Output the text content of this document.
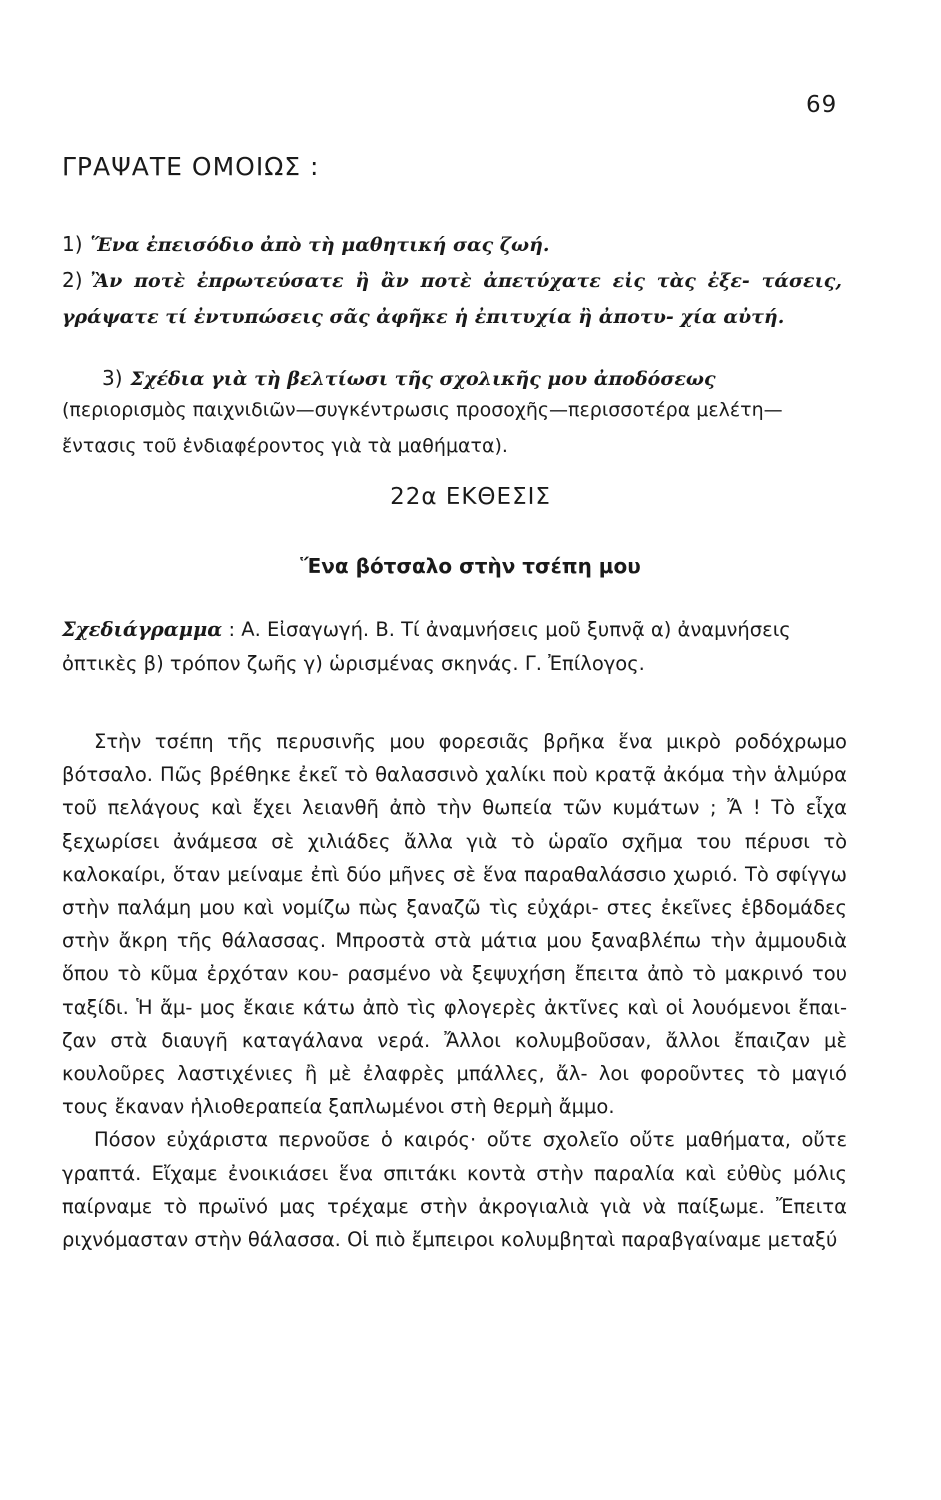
69
ΓΡΑΨΑΤΕ ΟΜΟΙΩΣ :
1) Ἕνα ἐπεισόδιο ἀπὸ τὴ μαθητική σας ζωή.
2) Ἂν ποτὲ ἐπρωτεύσατε ἢ ἂν ποτὲ ἀπετύχατε εἰς τὰς ἐξε- τάσεις, γράψατε τί ἐντυπώσεις σᾶς ἀφῆκε ἡ ἐπιτυχία ἢ ἀποτυ- χία αὐτή.
3) Σχέδια γιὰ τὴ βελτίωσι τῆς σχολικῆς μου ἀποδόσεως
(περιορισμὸς παιχνιδιῶν—συγκέντρωσις προσοχῆς—περισσοτέρα μελέτη—ἔντασις τοῦ ἐνδιαφέροντος γιὰ τὰ μαθήματα).
22α ΕΚΘΕΣΙΣ
Ἕνα βότσαλο στὴν τσέπη μου
Σχεδιάγραμμα : Α. Εἰσαγωγή. Β. Τί ἀναμνήσεις μοῦ ξυπνᾷ α) ἀναμνήσεις ὀπτικὲς β) τρόπον ζωῆς γ) ὡρισμένας σκηνάς. Γ. Ἐπίλογος.

Στὴν τσέπη τῆς περυσινῆς μου φορεσιᾶς βρῆκα ἕνα μικρὸ ροδόχρωμο βότσαλο. Πῶς βρέθηκε ἐκεῖ τὸ θαλασσινὸ χαλίκι ποὺ κρατᾷ ἀκόμα τὴν ἁλμύρα τοῦ πελάγους καὶ ἔχει λειανθῆ ἀπὸ τὴν θωπεία τῶν κυμάτων ; Ἄ ! Τὸ εἶχα ξεχωρίσει ἀνάμεσα σὲ χιλιάδες ἄλλα γιὰ τὸ ὡραῖο σχῆμα του πέρυσι τὸ καλοκαίρι, ὅταν μείναμε ἐπὶ δύο μῆνες σὲ ἕνα παραθαλάσσιο χωριό. Τὸ σφίγγω στὴν παλάμη μου καὶ νομίζω πὼς ξαναζῶ τὶς εὐχάρι- στες ἐκεῖνες ἑβδομάδες στὴν ἄκρη τῆς θάλασσας. Μπροστὰ στὰ μάτια μου ξαναβλέπω τὴν ἀμμουδιὰ ὅπου τὸ κῦμα ἐρχόταν κου- ρασμένο νὰ ξεψυχήση ἔπειτα ἀπὸ τὸ μακρινό του ταξίδι. Ἡ ἄμ- μος ἔκαιε κάτω ἀπὸ τὶς φλογερὲς ἀκτῖνες καὶ οἱ λουόμενοι ἔπαι- ζαν στὰ διαυγῆ καταγάλανα νερά. Ἄλλοι κολυμβοῦσαν, ἄλλοι ἔπαιζαν μὲ κουλοῦρες λαστιχένιες ἢ μὲ ἐλαφρὲς μπάλλες, ἄλ- λοι φοροῦντες τὸ μαγιό τους ἔκαναν ἡλιοθεραπεία ξαπλωμένοι στὴ θερμὴ ἄμμο.

Πόσον εὐχάριστα περνοῦσε ὁ καιρός· οὔτε σχολεῖο οὔτε μαθήματα, οὔτε γραπτά. Εἴχαμε ἐνοικιάσει ἕνα σπιτάκι κοντὰ στὴν παραλία καὶ εὐθὺς μόλις παίρναμε τὸ πρωϊνό μας τρέχαμε στὴν ἀκρογιαλιὰ γιὰ νὰ παίξωμε. Ἔπειτα ριχνόμασταν στὴν θάλασσα. Οἱ πιὸ ἔμπειροι κολυμβηταὶ παραβγαίναμε μεταξύ
